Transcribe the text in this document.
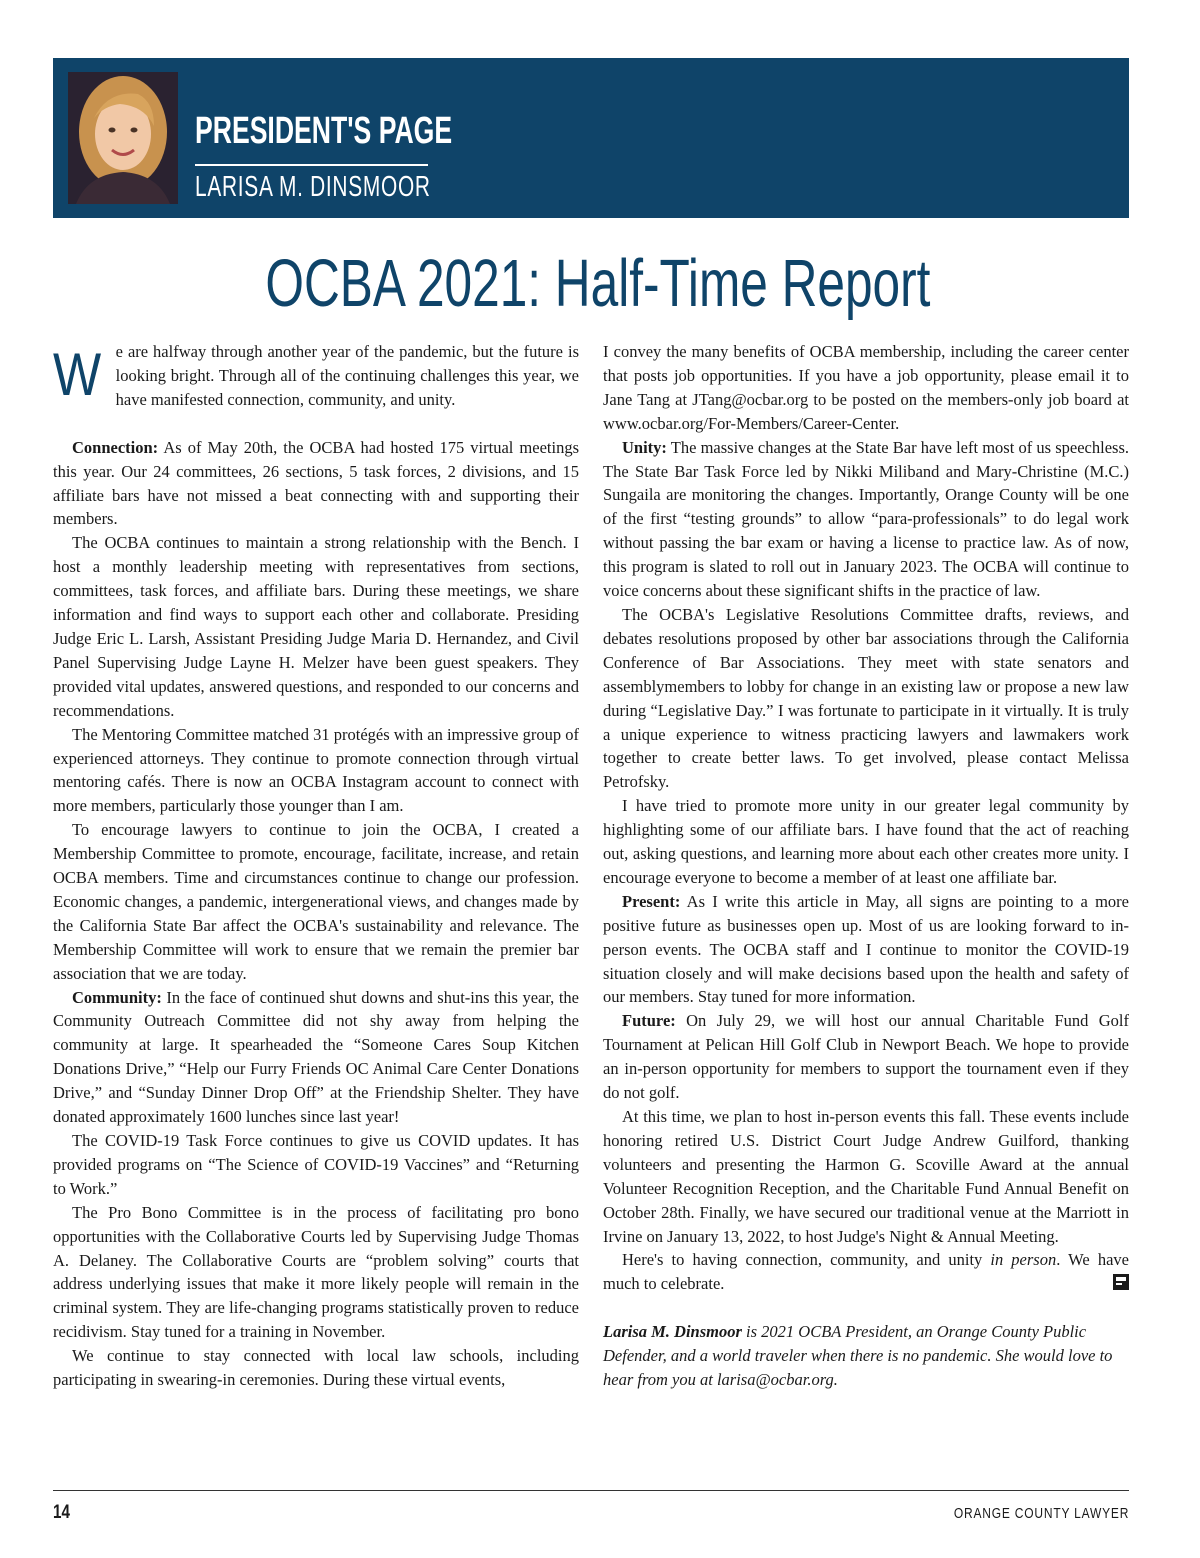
PRESIDENT'S PAGE
LARISA M. DINSMOOR
OCBA 2021: Half-Time Report

We are halfway through another year of the pandemic, but the future is looking bright. Through all of the continuing challenges this year, we have manifested connection, community, and unity.

Connection: As of May 20th, the OCBA had hosted 175 virtual meetings this year. Our 24 committees, 26 sections, 5 task forces, 2 divisions, and 15 affiliate bars have not missed a beat connecting with and supporting their members.

The OCBA continues to maintain a strong relationship with the Bench. I host a monthly leadership meeting with representatives from sections, committees, task forces, and affiliate bars. During these meetings, we share information and find ways to support each other and collaborate. Presiding Judge Eric L. Larsh, Assistant Presiding Judge Maria D. Hernandez, and Civil Panel Supervising Judge Layne H. Melzer have been guest speakers. They provided vital updates, answered questions, and responded to our concerns and recommendations.

The Mentoring Committee matched 31 protégés with an impressive group of experienced attorneys. They continue to promote connection through virtual mentoring cafés. There is now an OCBA Instagram account to connect with more members, particularly those younger than I am.

To encourage lawyers to continue to join the OCBA, I created a Membership Committee to promote, encourage, facilitate, increase, and retain OCBA members. Time and circumstances continue to change our profession. Economic changes, a pandemic, intergenerational views, and changes made by the California State Bar affect the OCBA's sustainability and relevance. The Membership Committee will work to ensure that we remain the premier bar association that we are today.

Community: In the face of continued shut downs and shut-ins this year, the Community Outreach Committee did not shy away from helping the community at large. It spearheaded the “Someone Cares Soup Kitchen Donations Drive,” “Help our Furry Friends OC Animal Care Center Donations Drive,” and “Sunday Dinner Drop Off” at the Friendship Shelter. They have donated approximately 1600 lunches since last year!

The COVID-19 Task Force continues to give us COVID updates. It has provided programs on “The Science of COVID-19 Vaccines” and “Returning to Work.”

The Pro Bono Committee is in the process of facilitating pro bono opportunities with the Collaborative Courts led by Supervising Judge Thomas A. Delaney. The Collaborative Courts are “problem solving” courts that address underlying issues that make it more likely people will remain in the criminal system. They are life-changing programs statistically proven to reduce recidivism. Stay tuned for a training in November.

We continue to stay connected with local law schools, including participating in swearing-in ceremonies. During these virtual events,

I convey the many benefits of OCBA membership, including the career center that posts job opportunities. If you have a job opportunity, please email it to Jane Tang at JTang@ocbar.org to be posted on the members-only job board at www.ocbar.org/For-Members/Career-Center.

Unity: The massive changes at the State Bar have left most of us speechless. The State Bar Task Force led by Nikki Miliband and Mary-Christine (M.C.) Sungaila are monitoring the changes. Importantly, Orange County will be one of the first “testing grounds” to allow “para-professionals” to do legal work without passing the bar exam or having a license to practice law. As of now, this program is slated to roll out in January 2023. The OCBA will continue to voice concerns about these significant shifts in the practice of law.

The OCBA's Legislative Resolutions Committee drafts, reviews, and debates resolutions proposed by other bar associations through the California Conference of Bar Associations. They meet with state senators and assemblymembers to lobby for change in an existing law or propose a new law during “Legislative Day.” I was fortunate to participate in it virtually. It is truly a unique experience to witness practicing lawyers and lawmakers work together to create better laws. To get involved, please contact Melissa Petrofsky.

I have tried to promote more unity in our greater legal community by highlighting some of our affiliate bars. I have found that the act of reaching out, asking questions, and learning more about each other creates more unity. I encourage everyone to become a member of at least one affiliate bar.

Present: As I write this article in May, all signs are pointing to a more positive future as businesses open up. Most of us are looking forward to in-person events. The OCBA staff and I continue to monitor the COVID-19 situation closely and will make decisions based upon the health and safety of our members. Stay tuned for more information.

Future: On July 29, we will host our annual Charitable Fund Golf Tournament at Pelican Hill Golf Club in Newport Beach. We hope to provide an in-person opportunity for members to support the tournament even if they do not golf.

At this time, we plan to host in-person events this fall. These events include honoring retired U.S. District Court Judge Andrew Guilford, thanking volunteers and presenting the Harmon G. Scoville Award at the annual Volunteer Recognition Reception, and the Charitable Fund Annual Benefit on October 28th. Finally, we have secured our traditional venue at the Marriott in Irvine on January 13, 2022, to host Judge's Night & Annual Meeting.

Here's to having connection, community, and unity in person. We have much to celebrate.

Larisa M. Dinsmoor is 2021 OCBA President, an Orange County Public Defender, and a world traveler when there is no pandemic. She would love to hear from you at larisa@ocbar.org.

14	ORANGE COUNTY LAWYER
